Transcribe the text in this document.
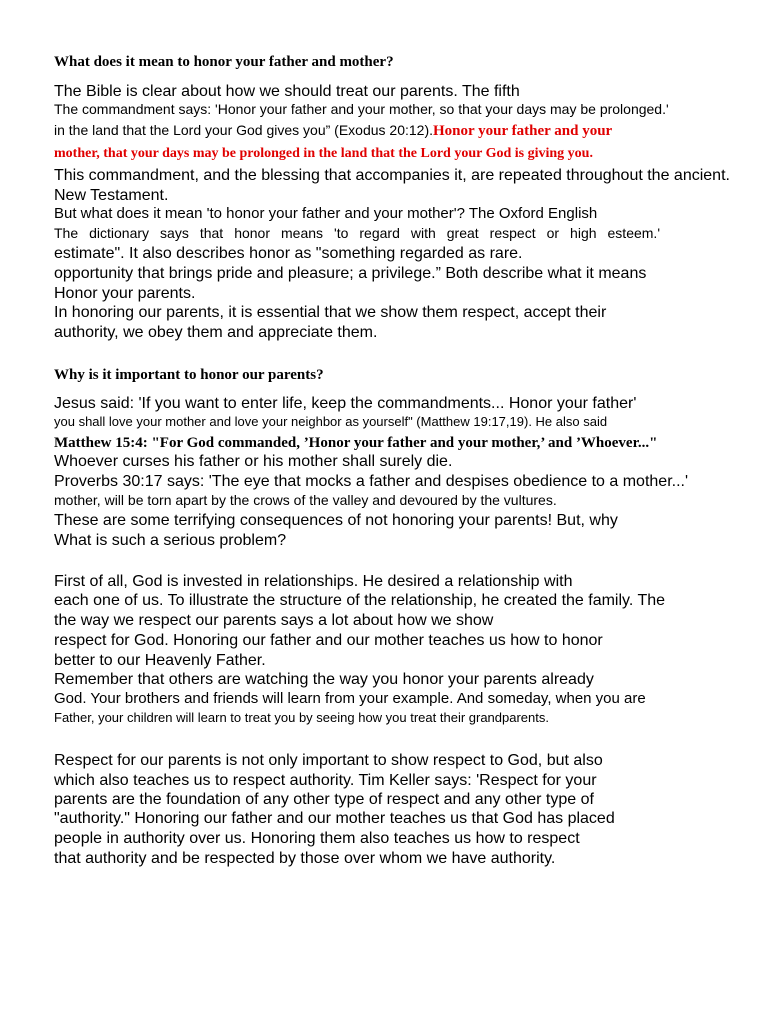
What does it mean to honor your father and mother?
The Bible is clear about how we should treat our parents. The fifth
The commandment says: 'Honor your father and your mother, so that your days may be prolonged.'
in the land that the Lord your God gives you” (Exodus 20:12).Honor your father and your
mother, that your days may be prolonged in the land that the Lord your God is giving you.
This commandment, and the blessing that accompanies it, are repeated throughout the ancient.
New Testament.
But what does it mean 'to honor your father and your mother'? The Oxford English
The dictionary says that honor means 'to regard with great respect or high esteem.'
estimate". It also describes honor as "something regarded as rare.
opportunity that brings pride and pleasure; a privilege.” Both describe what it means
Honor your parents.
In honoring our parents, it is essential that we show them respect, accept their
authority, we obey them and appreciate them.
Why is it important to honor our parents?
Jesus said: 'If you want to enter life, keep the commandments... Honor your father'
you shall love your mother and love your neighbor as yourself" (Matthew 19:17,19). He also said
Matthew 15:4: "For God commanded, ’Honor your father and your mother,’ and ’Whoever..."
Whoever curses his father or his mother shall surely die.
Proverbs 30:17 says: 'The eye that mocks a father and despises obedience to a mother...'
mother, will be torn apart by the crows of the valley and devoured by the vultures.
These are some terrifying consequences of not honoring your parents! But, why
What is such a serious problem?
First of all, God is invested in relationships. He desired a relationship with
each one of us. To illustrate the structure of the relationship, he created the family. The
the way we respect our parents says a lot about how we show
respect for God. Honoring our father and our mother teaches us how to honor
better to our Heavenly Father.
Remember that others are watching the way you honor your parents already
God. Your brothers and friends will learn from your example. And someday, when you are
Father, your children will learn to treat you by seeing how you treat their grandparents.
Respect for our parents is not only important to show respect to God, but also
which also teaches us to respect authority. Tim Keller says: 'Respect for your
parents are the foundation of any other type of respect and any other type of
"authority." Honoring our father and our mother teaches us that God has placed
people in authority over us. Honoring them also teaches us how to respect
that authority and be respected by those over whom we have authority.
